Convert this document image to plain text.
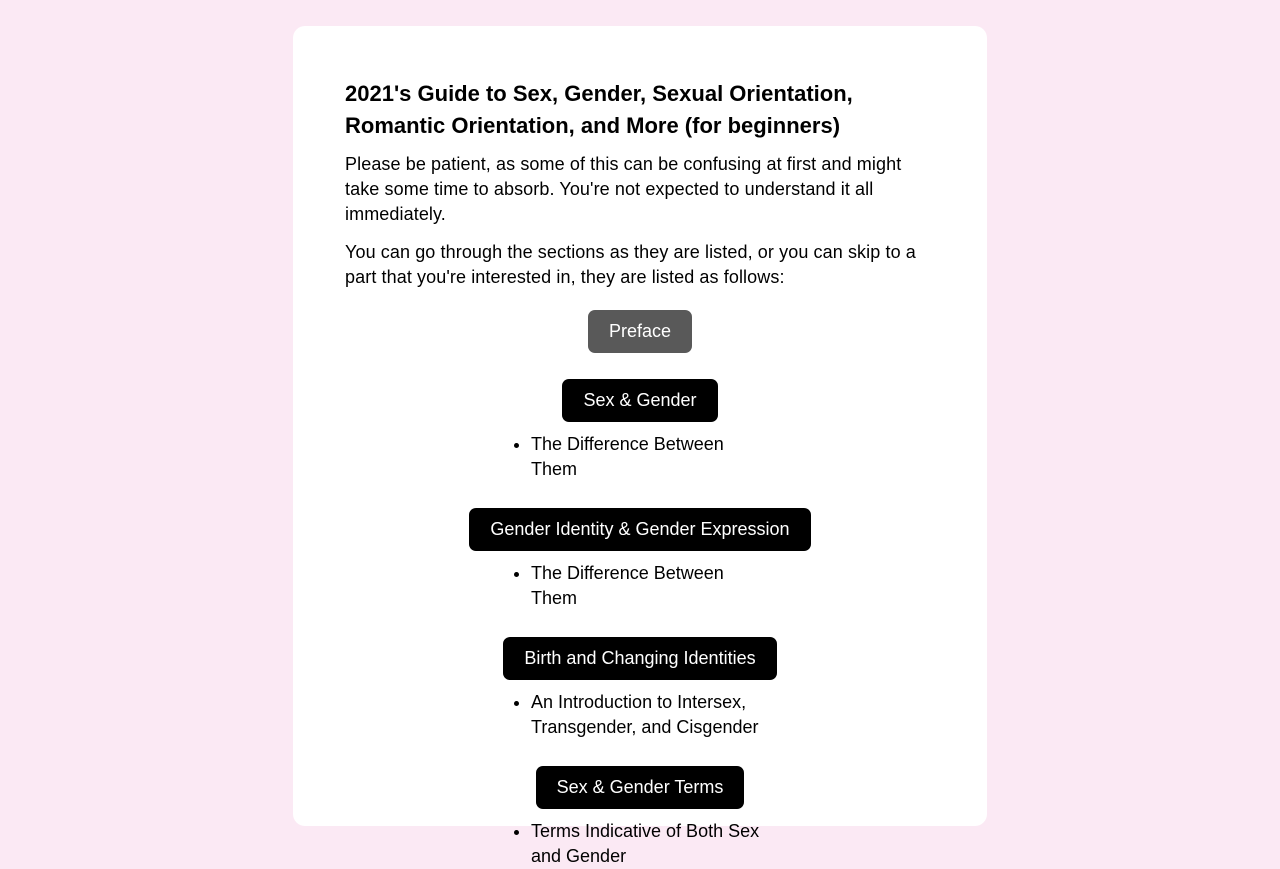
2021's Guide to Sex, Gender, Sexual Orientation, Romantic Orientation, and More (for beginners)

Please be patient, as some of this can be confusing at first and might take some time to absorb. You're not expected to understand it all immediately.

You can go through the sections as they are listed, or you can skip to a part that you're interested in, they are listed as follows:

Preface
Sex & Gender
• The Difference Between Them
Gender Identity & Gender Expression
• The Difference Between Them
Birth and Changing Identities
• An Introduction to Intersex, Transgender, and Cisgender
Sex & Gender Terms
• Terms Indicative of Both Sex and Gender
